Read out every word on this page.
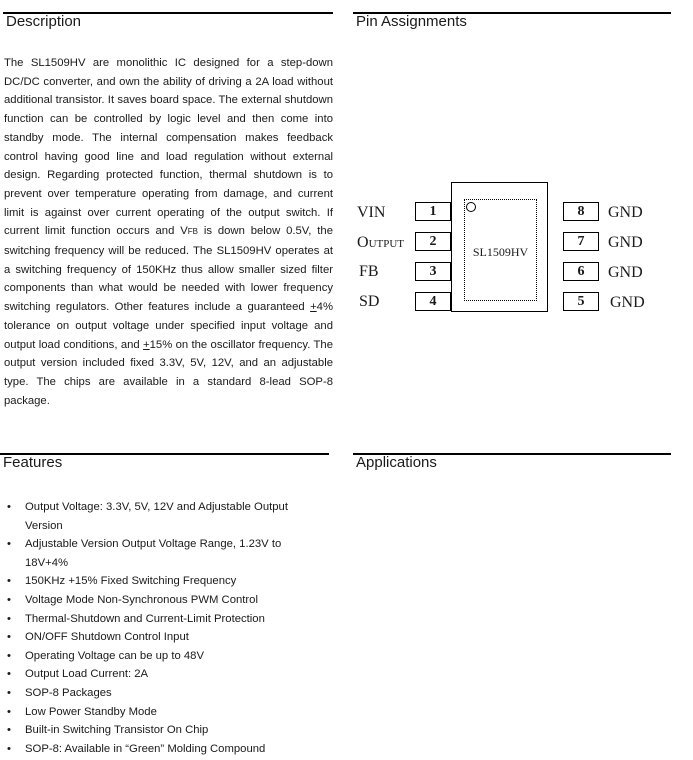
Description

The SL1509HV are monolithic IC designed for a step-down DC/DC converter, and own the ability of driving a 2A load without additional transistor. It saves board space. The external shutdown function can be controlled by logic level and then come into standby mode. The internal compensation makes feedback control having good line and load regulation without external design. Regarding protected function, thermal shutdown is to prevent over temperature operating from damage, and current limit is against over current operating of the output switch. If current limit function occurs and VFB is down below 0.5V, the switching frequency will be reduced. The SL1509HV operates at a switching frequency of 150KHz thus allow smaller sized filter components than what would be needed with lower frequency switching regulators. Other features include a guaranteed +4% tolerance on output voltage under specified input voltage and output load conditions, and +15% on the oscillator frequency. The output version included fixed 3.3V, 5V, 12V, and an adjustable type. The chips are available in a standard 8-lead SOP-8 package.

Pin Assignments
SL1509HV
VIN	1
OUTPUT	2
FB	3
SD	4
8	GND
7	GND
6	GND
5	GND
Features
• Output Voltage: 3.3V, 5V, 12V and Adjustable Output Version
• Adjustable Version Output Voltage Range, 1.23V to 18V+4%
• 150KHz +15% Fixed Switching Frequency
• Voltage Mode Non-Synchronous PWM Control
• Thermal-Shutdown and Current-Limit Protection
• ON/OFF Shutdown Control Input
• Operating Voltage can be up to 48V
• Output Load Current: 2A
• SOP-8 Packages
• Low Power Standby Mode
• Built-in Switching Transistor On Chip
• SOP-8: Available in “Green” Molding Compound
Applications
